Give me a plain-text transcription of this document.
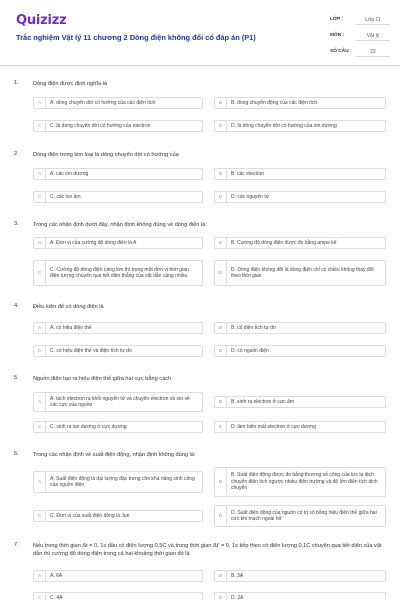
Quizizz
Trắc nghiệm Vật lý 11 chương 2 Dòng điện không đổi có đáp án (P1)
LỚP :	Lớp 11
MÔN :	Vật lý
SỐ CÂU :	22
1.	Dòng điện được định nghĩa là
A	A. dòng chuyển dời có hướng của các điện tích	B	B. dòng chuyển động của các điện tích
C	C. là dòng chuyển dời có hướng của electron	D	D. là dòng chuyển dời có hướng của ion dương
2.	Dòng điện trong kim loại là dòng chuyển dời có hướng của
A	A. các ion dương	B	B. các electron
C	C. các ion âm	D	D. các nguyên tử
3.	Trong các nhận định dưới đây, nhận định không đúng về dòng điện là:
A	A. Đơn vị của cường độ dòng điện là A	B	B. Cường độ dòng điện được đo bằng ampe kế
C
C. Cường độ dòng điện càng lớn thì trong một đơn vị thời gian điện lượng chuyển qua tiết diện thẳng của vật dẫn càng nhiều	D
D. Dòng điện không đổi là dòng điện chỉ có chiều không thay đổi theo thời gian
4.	Điều kiện để có dòng điện là
A	A. có hiệu điện thế	B	B. có điện tích tự do
C	C. có hiệu điện thế và điện tích tự do	D	D. có nguồn điện
5.	Nguồn điện tạo ra hiệu điện thế giữa hai cực bằng cách
A
A. tách electron ra khỏi nguyên tử và chuyển electron và ion về các cực của nguồn	B	B. sinh ra electron ở cực âm
C	C. sinh ra ion dương ở cực dương	D	D. làm biến mất electron ở cực dương
6.	Trong các nhận định về suất điện động, nhận định không đúng là:
A
A. Suất điện động là đại lượng đặc trưng cho khả năng sinh công của nguồn điện	B
B. Suất điện động được đo bằng thương số công của lực lạ dịch chuyển điện tích ngược nhiều điện trường và độ lớn điện tích dịch chuyển
C	C. Đơn vị của suất điện động là Jun	D
D. Suất điện động của nguồn có trị số bằng hiệu điện thế giữa hai cực khi mạch ngoài hở
7.	Nếu trong thời gian Δt = 0, 1s đầu có điện lượng 0,5C và trong thời gian Δt' = 0, 1s tiếp theo có điện lượng 0,1C chuyển qua tiết diện của vật dẫn thì cường độ dòng điện trong cả hai khoảng thời gian đó là
A	A. 6A	B	B. 3A
C	C. 4A	D	D. 2A
